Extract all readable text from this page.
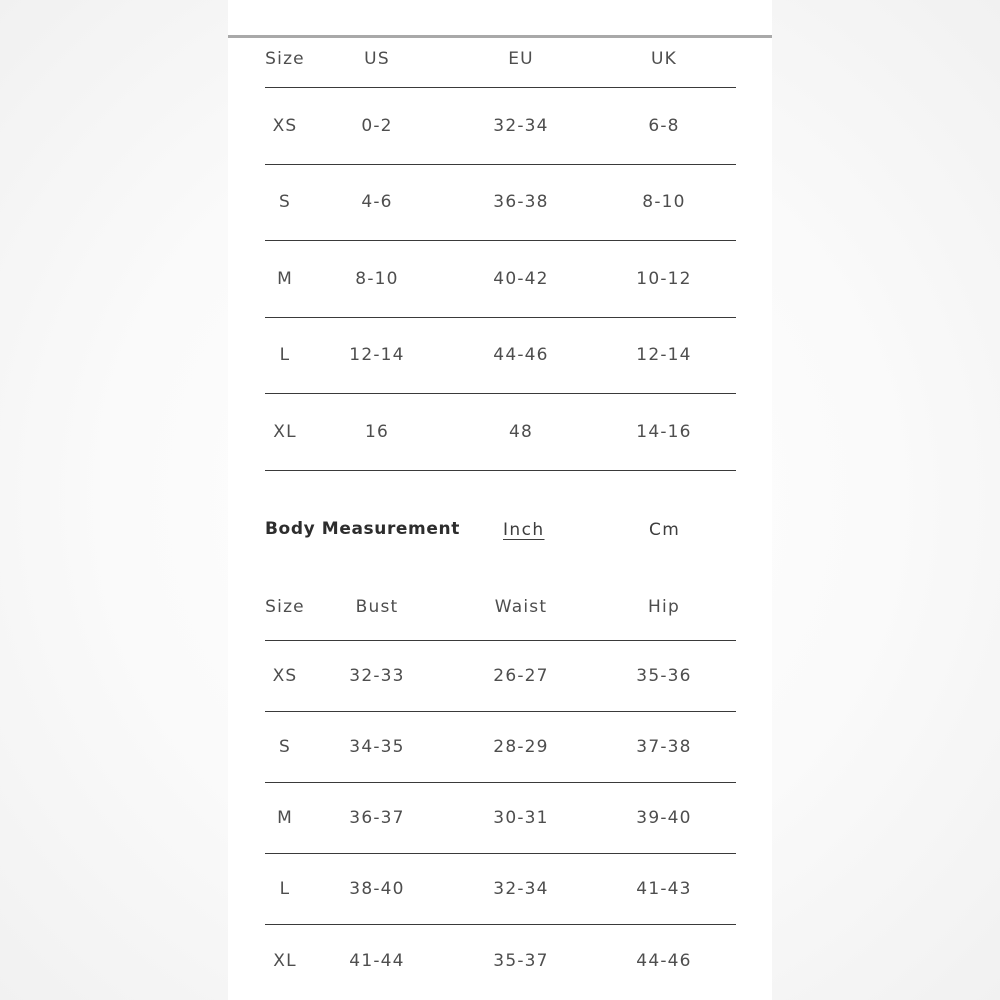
Size	US	EU	UK
XS	0-2	32-34	6-8
S	4-6	36-38	8-10
M	8-10	40-42	10-12
L	12-14	44-46	12-14
XL	16	48	14-16
Body Measurement	Inch	Cm
Size	Bust	Waist	Hip
XS	32-33	26-27	35-36
S	34-35	28-29	37-38
M	36-37	30-31	39-40
L	38-40	32-34	41-43
XL	41-44	35-37	44-46
